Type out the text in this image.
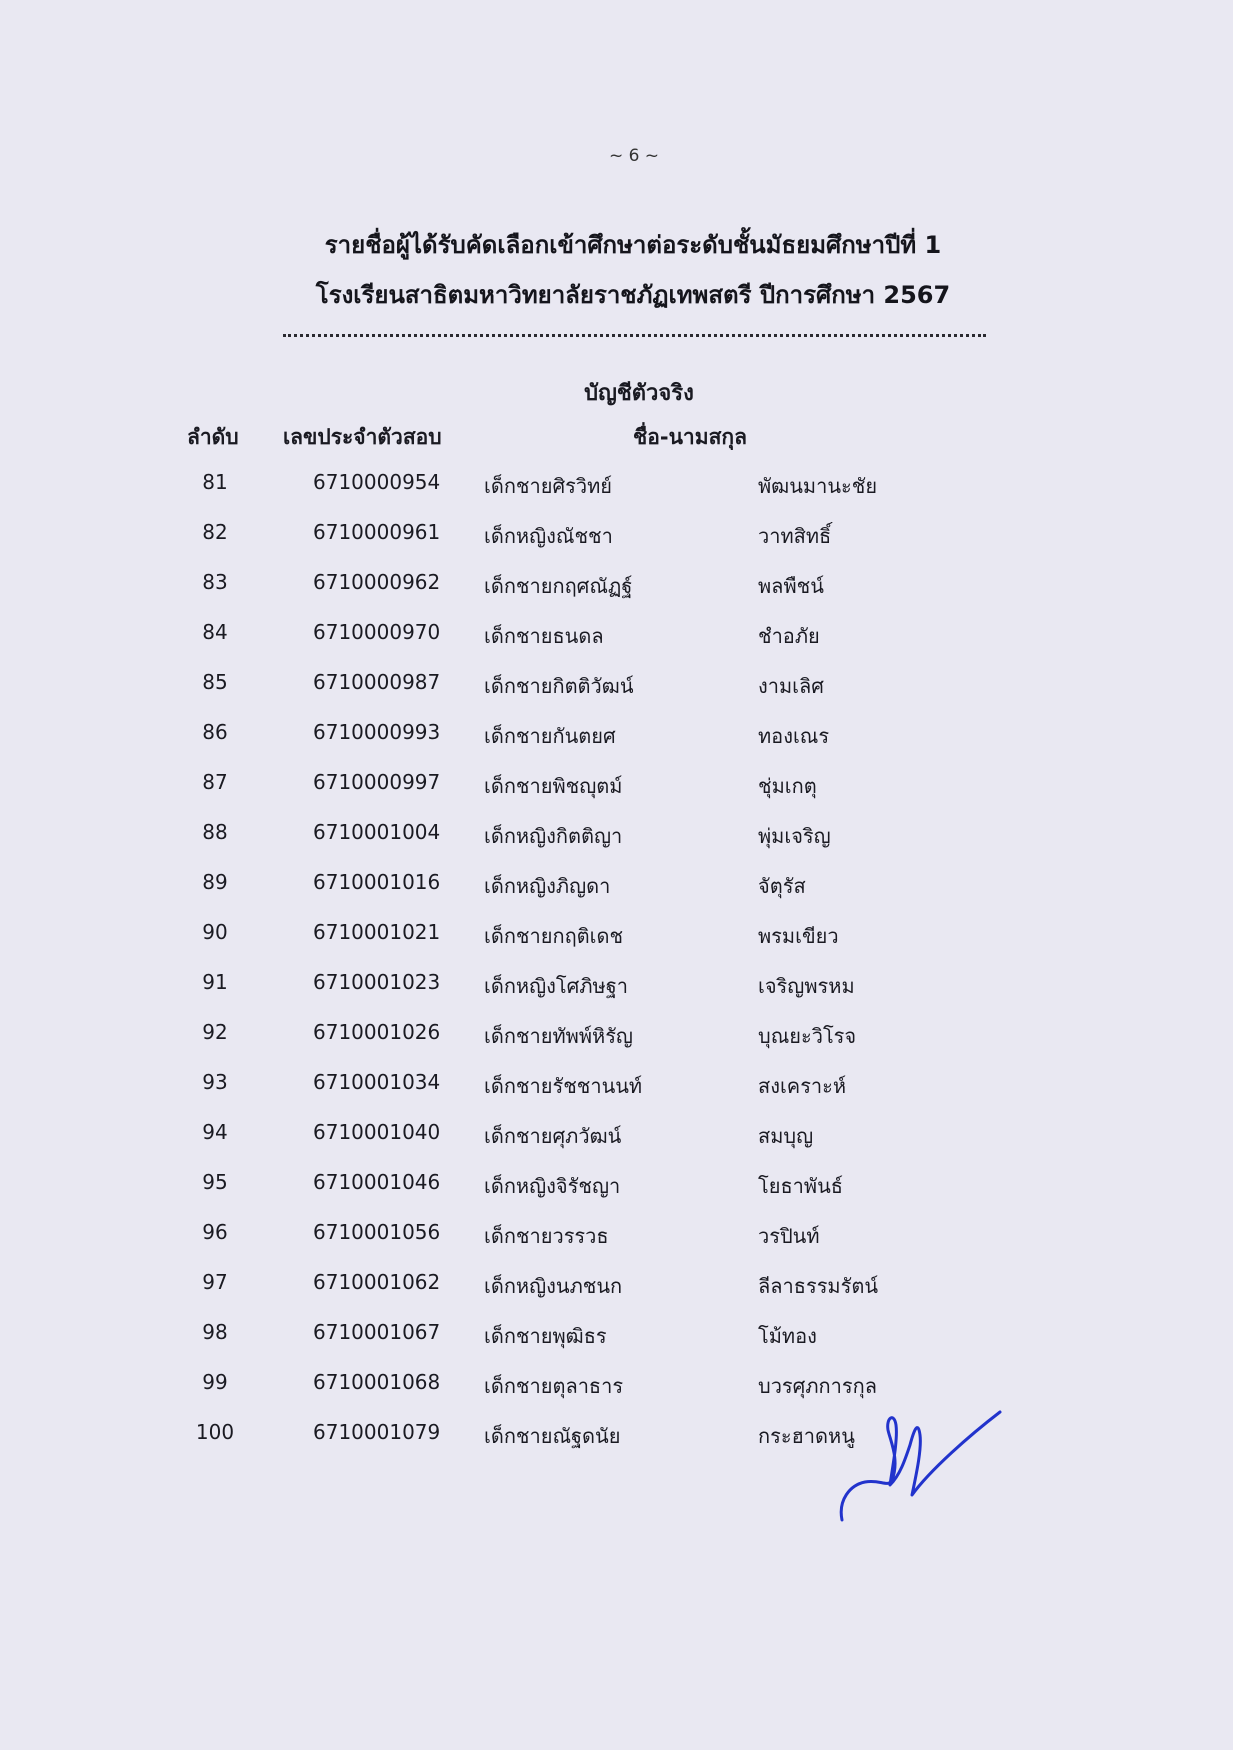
~ 6 ~
รายชื่อผู้ได้รับคัดเลือกเข้าศึกษาต่อระดับชั้นมัธยมศึกษาปีที่ 1
โรงเรียนสาธิตมหาวิทยาลัยราชภัฏเทพสตรี ปีการศึกษา 2567
บัญชีตัวจริง
ลำดับ เลขประจำตัวสอบ	ชื่อ-นามสกุล
81	6710000954 เด็กชายศิรวิทย์	พัฒนมานะชัย
82	6710000961 เด็กหญิงณัชชา	วาทสิทธิ์
83	6710000962 เด็กชายกฤศณัฏฐ์	พลพืชน์
84	6710000970 เด็กชายธนดล	ชำอภัย
85	6710000987 เด็กชายกิตติวัฒน์	งามเลิศ
86	6710000993 เด็กชายกันตยศ	ทองเณร
87	6710000997 เด็กชายพิชญุตม์	ชุ่มเกตุ
88	6710001004 เด็กหญิงกิตติญา	พุ่มเจริญ
89	6710001016 เด็กหญิงภิญดา	จัตุรัส
90	6710001021 เด็กชายกฤติเดช	พรมเขียว
91	6710001023 เด็กหญิงโศภิษฐา	เจริญพรหม
92	6710001026 เด็กชายทัพพ์หิรัญ	บุณยะวิโรจ
93	6710001034 เด็กชายรัชชานนท์	สงเคราะห์
94	6710001040 เด็กชายศุภวัฒน์	สมบุญ
95	6710001046 เด็กหญิงจิรัชญา	โยธาพันธ์
96	6710001056 เด็กชายวรรวธ	วรปินท์
97	6710001062 เด็กหญิงนภชนก	ลีลาธรรมรัตน์
98	6710001067 เด็กชายพุฒิธร	โม้ทอง
99	6710001068 เด็กชายตุลาธาร	บวรศุภการกุล
100	6710001079 เด็กชายณัฐดนัย	กระฮาดหนู
